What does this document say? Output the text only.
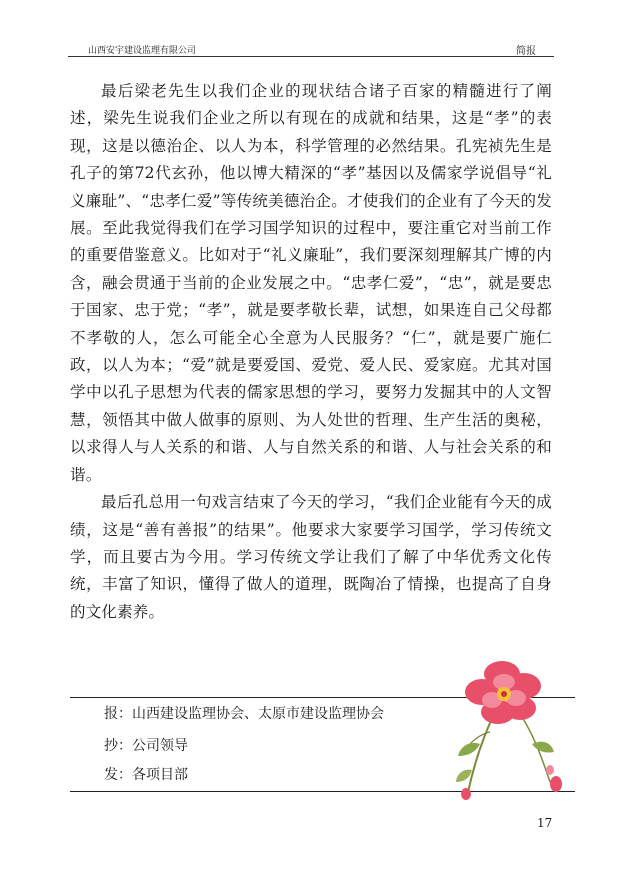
山西安宇建设监理有限公司	简报

最后梁老先生以我们企业的现状结合诸子百家的精髓进行了阐述，梁先生说我们企业之所以有现在的成就和结果，这是“孝”的表现，这是以德治企、以人为本，科学管理的必然结果。孔宪祯先生是孔子的第72代玄孙，他以博大精深的“孝”基因以及儒家学说倡导“礼义廉耻”、“忠孝仁爱”等传统美德治企。才使我们的企业有了今天的发展。至此我觉得我们在学习国学知识的过程中，要注重它对当前工作的重要借鉴意义。比如对于“礼义廉耻”，我们要深刻理解其广博的内含，融会贯通于当前的企业发展之中。“忠孝仁爱”，“忠”，就是要忠于国家、忠于党；“孝”，就是要孝敬长辈，试想，如果连自己父母都不孝敬的人，怎么可能全心全意为人民服务？“仁”，就是要广施仁政，以人为本；“爱”就是要爱国、爱党、爱人民、爱家庭。尤其对国学中以孔子思想为代表的儒家思想的学习，要努力发掘其中的人文智慧，领悟其中做人做事的原则、为人处世的哲理、生产生活的奥秘，以求得人与人关系的和谐、人与自然关系的和谐、人与社会关系的和谐。

最后孔总用一句戏言结束了今天的学习，“我们企业能有今天的成绩，这是“善有善报”的结果”。他要求大家要学习国学，学习传统文学，而且要古为今用。学习传统文学让我们了解了中华优秀文化传统，丰富了知识，懂得了做人的道理，既陶冶了情操，也提高了自身的文化素养。

报：山西建设监理协会、太原市建设监理协会
抄：公司领导
发：各项目部
17
